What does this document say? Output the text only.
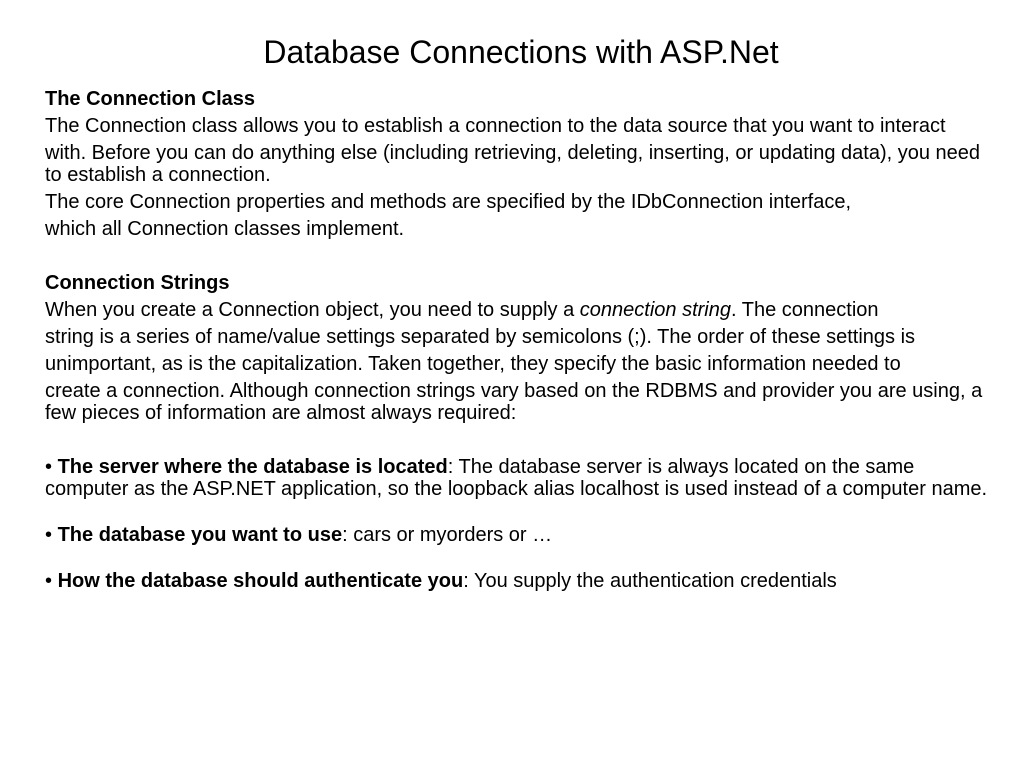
Database Connections with ASP.Net
The Connection Class
The Connection class allows you to establish a connection to the data source that you want to interact
with. Before you can do anything else (including retrieving, deleting, inserting, or updating data), you need to establish a connection.
The core Connection properties and methods are specified by the IDbConnection interface,
which all Connection classes implement.
Connection Strings
When you create a Connection object, you need to supply a connection string. The connection
string is a series of name/value settings separated by semicolons (;). The order of these settings is
unimportant, as is the capitalization. Taken together, they specify the basic information needed to
create a connection. Although connection strings vary based on the RDBMS and provider you are using, a few pieces of information are almost always required:
• The server where the database is located: The database server is always located on the same computer as the ASP.NET application, so the loopback alias localhost is used instead of a computer name.
• The database you want to use: cars or myorders or …
• How the database should authenticate you: You supply the authentication credentials
